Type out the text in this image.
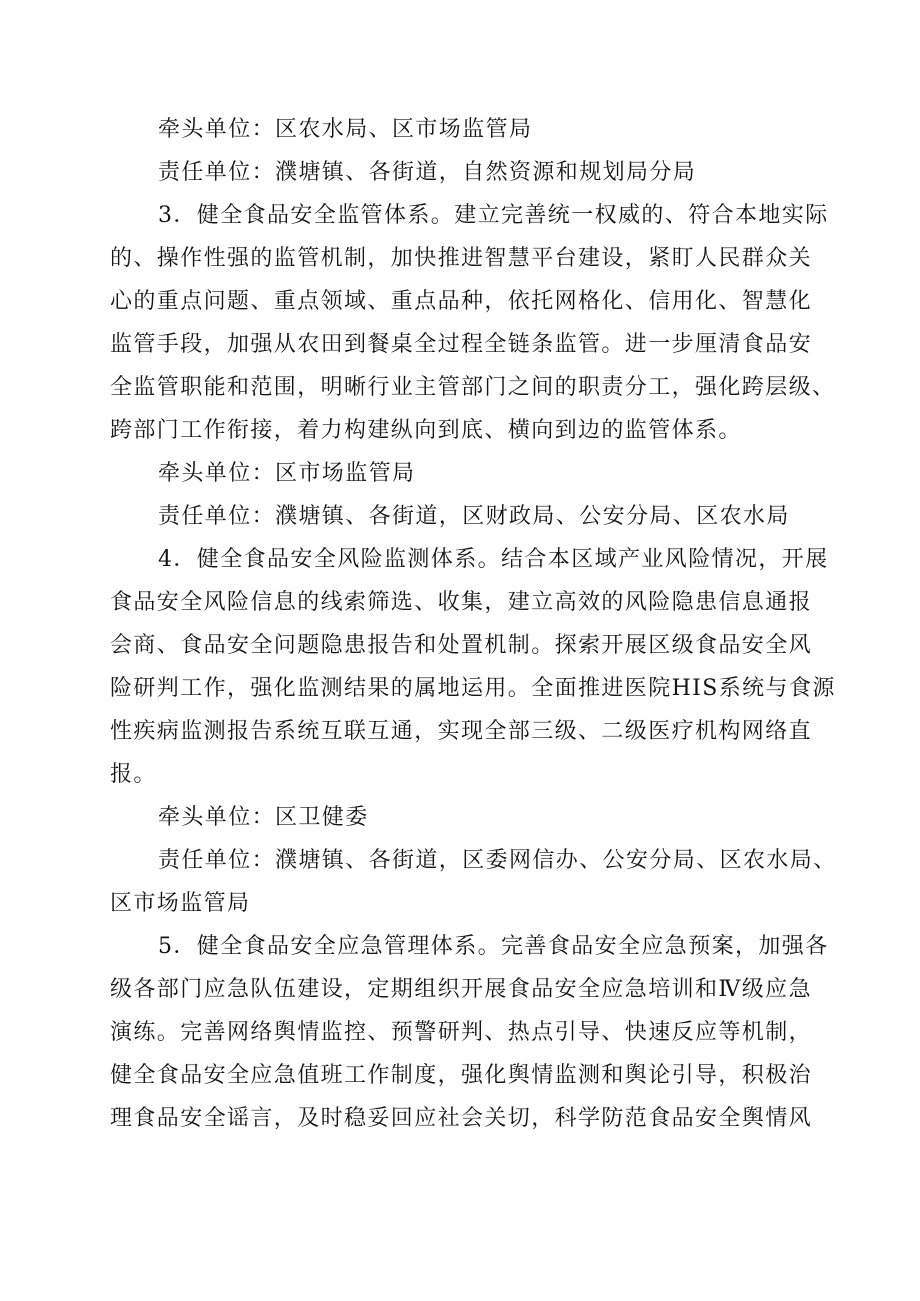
牵头单位：区农水局、区市场监管局
责任单位：濮塘镇、各街道，自然资源和规划局分局
3．健全食品安全监管体系。建立完善统一权威的、符合本地实际
的、操作性强的监管机制，加快推进智慧平台建设，紧盯人民群众关
心的重点问题、重点领域、重点品种，依托网格化、信用化、智慧化
监管手段，加强从农田到餐桌全过程全链条监管。进一步厘清食品安
全监管职能和范围，明晰行业主管部门之间的职责分工，强化跨层级、
跨部门工作衔接，着力构建纵向到底、横向到边的监管体系。
牵头单位：区市场监管局
责任单位：濮塘镇、各街道，区财政局、公安分局、区农水局
4．健全食品安全风险监测体系。结合本区域产业风险情况，开展
食品安全风险信息的线索筛选、收集，建立高效的风险隐患信息通报
会商、食品安全问题隐患报告和处置机制。探索开展区级食品安全风
险研判工作，强化监测结果的属地运用。全面推进医院HIS系统与食源
性疾病监测报告系统互联互通，实现全部三级、二级医疗机构网络直
报。
牵头单位：区卫健委
责任单位：濮塘镇、各街道，区委网信办、公安分局、区农水局、
区市场监管局
5．健全食品安全应急管理体系。完善食品安全应急预案，加强各
级各部门应急队伍建设，定期组织开展食品安全应急培训和Ⅳ级应急
演练。完善网络舆情监控、预警研判、热点引导、快速反应等机制，
健全食品安全应急值班工作制度，强化舆情监测和舆论引导，积极治
理食品安全谣言，及时稳妥回应社会关切，科学防范食品安全舆情风
